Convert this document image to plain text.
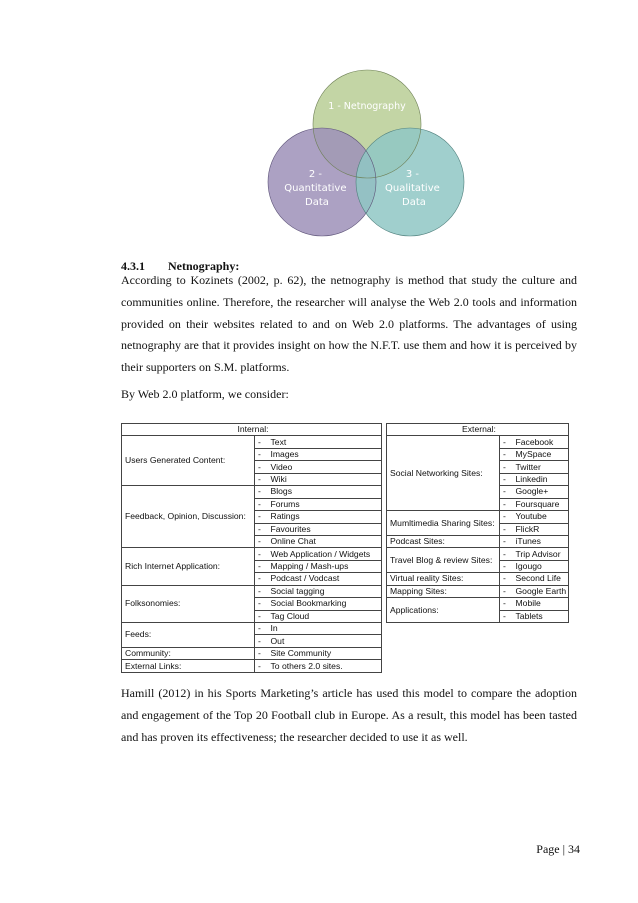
1 - Netnography
2 - Quantitative Data
3 - Qualitative Data
4.3.1 Netnography:

According to Kozinets (2002, p. 62), the netnography is method that study the culture and communities online. Therefore, the researcher will analyse the Web 2.0 tools and information provided on their websites related to and on Web 2.0 platforms. The advantages of using netnography are that it provides insight on how the N.F.T. use them and how it is perceived by their supporters on S.M. platforms.

By Web 2.0 platform, we consider:

Internal:		
Users Generated Content:	-	Text
	-	Images
	-	Video
	-	Wiki
Feedback, Opinion, Discussion:	-	Blogs
	-	Forums
	-	Ratings
	-	Favourites
	-	Online Chat
Rich Internet Application:	-	Web Application / Widgets
	-	Mapping / Mash-ups
	-	Podcast / Vodcast
Folksonomies:	-	Social tagging
	-	Social Bookmarking
	-	Tag Cloud
Feeds:	-	In
	-	Out
Community:	-	Site Community
External Links:	-	To others 2.0 sites.
External:		
Social Networking Sites:	-	Facebook
	-	MySpace
	-	Twitter
	-	Linkedin
	-	Google+
	-	Foursquare
Mumltimedia Sharing Sites:	-	Youtube
	-	FlickR
Podcast Sites:	-	iTunes
Travel Blog & review Sites:	-	Trip Advisor
	-	Igougo
Virtual reality Sites:	-	Second Life
Mapping Sites:	-	Google Earth
Applications:	-	Mobile
	-	Tablets

Hamill (2012) in his Sports Marketing’s article has used this model to compare the adoption and engagement of the Top 20 Football club in Europe. As a result, this model has been tasted and has proven its effectiveness; the researcher decided to use it as well.

Page | 34
